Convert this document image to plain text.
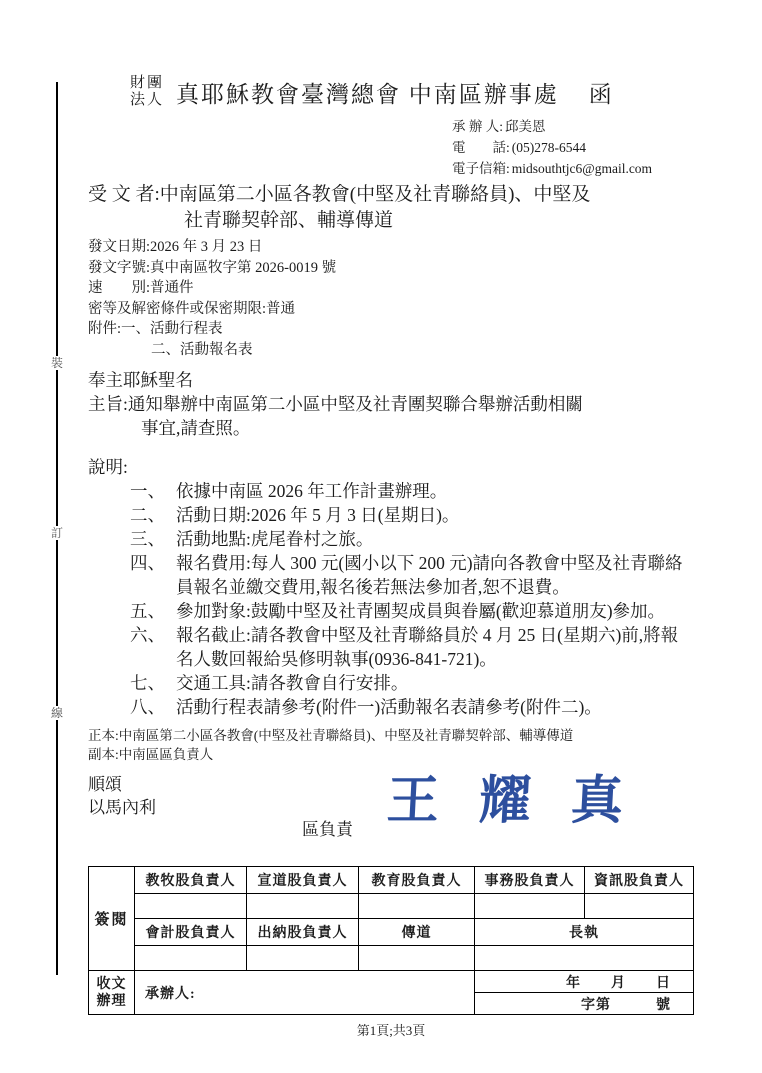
裝
訂
線
財團
法人 真耶穌教會臺灣總會 中南區辦事處 函
承 辦 人: 邱美恩
電　　話: (05)278-6544
電子信箱: midsouthtjc6@gmail.com
受 文 者: 中南區第二小區各教會(中堅及社青聯絡員)、中堅及
社青聯契幹部、輔導傳道
發文日期: 2026 年 3 月 23 日
發文字號: 真中南區牧字第 2026-0019 號
速　　別: 普通件
密等及解密條件或保密期限: 普通
附件: 一、活動行程表
二、活動報名表
奉主耶穌聖名
主旨: 通知舉辦中南區第二小區中堅及社青團契聯合舉辦活動相關
事宜,請查照。
說明:
一、 依據中南區 2026 年工作計畫辦理。
二、 活動日期:2026 年 5 月 3 日(星期日)。
三、 活動地點:虎尾眷村之旅。
四、 報名費用:每人 300 元(國小以下 200 元)請向各教會中堅及社青聯絡員報名並繳交費用,報名後若無法參加者,恕不退費。
五、 參加對象:鼓勵中堅及社青團契成員與眷屬(歡迎慕道朋友)參加。
六、 報名截止:請各教會中堅及社青聯絡員於 4 月 25 日(星期六)前,將報名人數回報給吳修明執事(0936-841-721)。
七、 交通工具:請各教會自行安排。
八、 活動行程表請參考(附件一)活動報名表請參考(附件二)。
正本: 中南區第二小區各教會(中堅及社青聯絡員)、中堅及社青聯契幹部、輔導傳道
副本: 中南區區負責人
順頌
以馬內利
區負責 王耀真
簽閱	教牧股負責人	宣道股負責人	教育股負責人	事務股負責人	資訊股負責人

	會計股負責人	出納股負責人	傳道	長執	

收文
辦理	承辦人:			年　　月　　日	
				字第　　　號	
第1頁;共3頁
